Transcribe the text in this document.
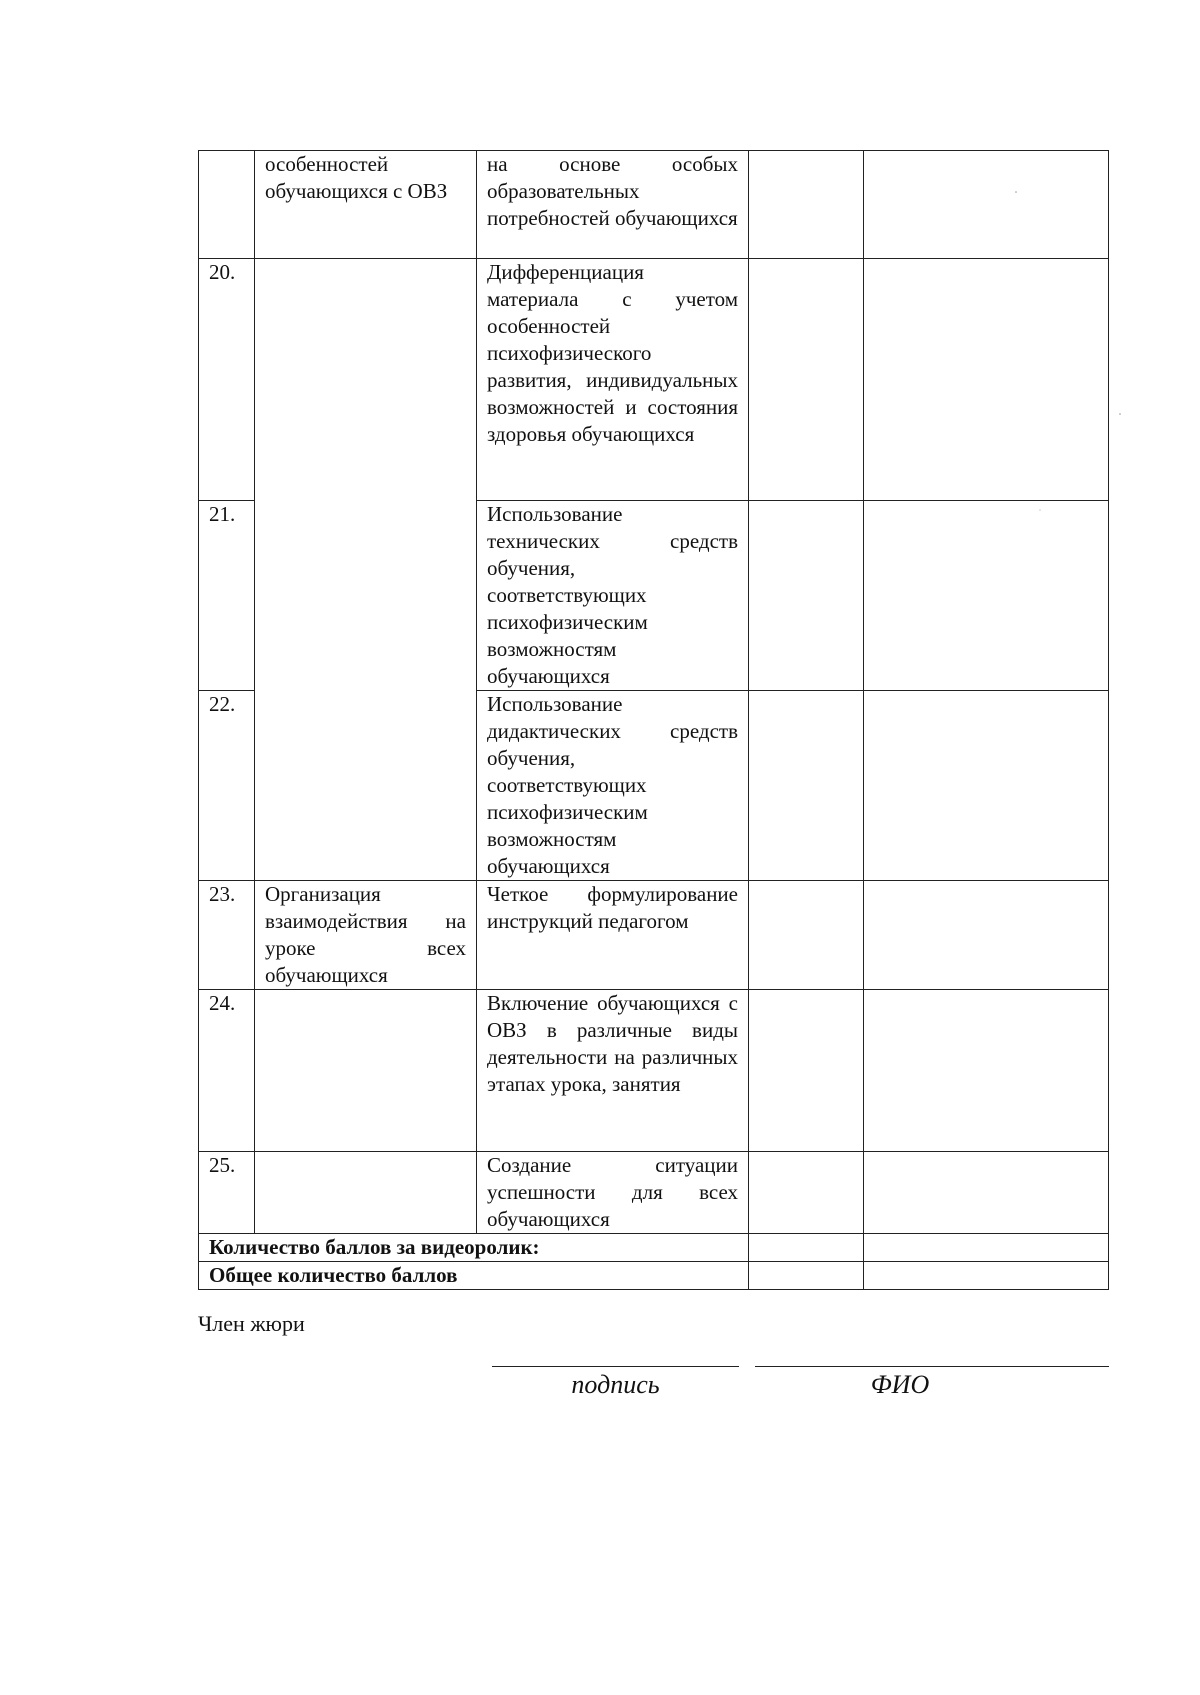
	особенностей обучающихся с ОВЗ	на основе особых образовательных потребностей обучающихся		

20.		Дифференциация материала с учетом особенностей психофизического развития, индивидуальных возможностей и состояния здоровья обучающихся		

21.		Использование технических средств обучения, соответствующих психофизическим возможностям обучающихся		

22.		Использование дидактических средств обучения, соответствующих психофизическим возможностям обучающихся		

23.	Организация взаимодействия на уроке всех обучающихся	Четкое формулирование инструкций педагогом		

24.		Включение обучающихся с ОВЗ в различные виды деятельности на различных этапах урока, занятия		

25.		Создание ситуации успешности для всех обучающихся		

Количество баллов за видеоролик:				
Общее количество баллов				
Член жюри
подпись	ФИО
